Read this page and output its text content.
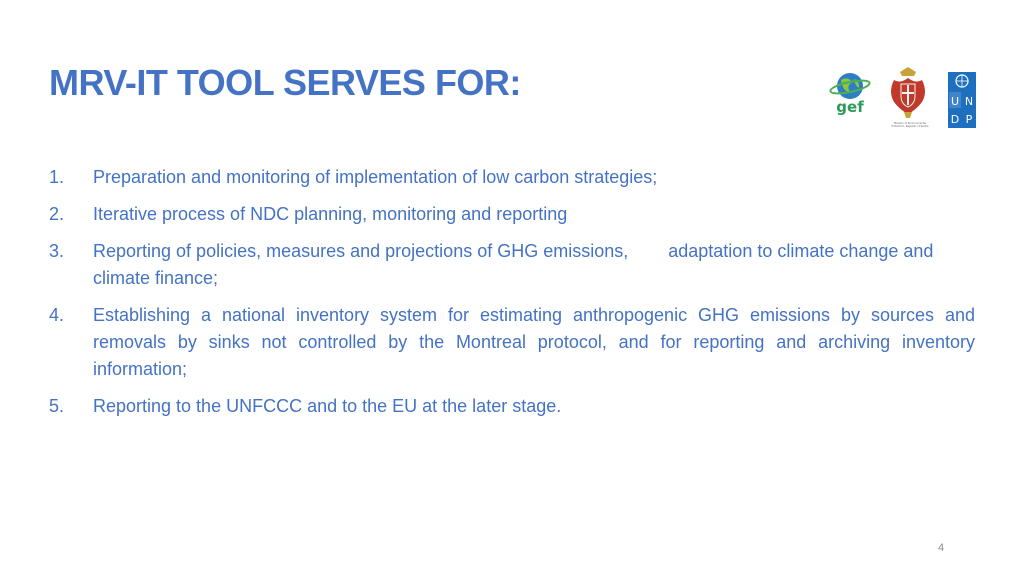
MRV-IT TOOL SERVES FOR:
gef
Ministry of Environmental Protection, Republic of Serbia
U N
D P
1. Preparation and monitoring of implementation of low carbon strategies;
2. Iterative process of NDC planning, monitoring and reporting
3. Reporting of policies, measures and projections of GHG emissions, adaptation to climate change and climate finance;
4. Establishing a national inventory system for estimating anthropogenic GHG emissions by sources and removals by sinks not controlled by the Montreal protocol, and for reporting and archiving inventory information;
5. Reporting to the UNFCCC and to the EU at the later stage.
4
